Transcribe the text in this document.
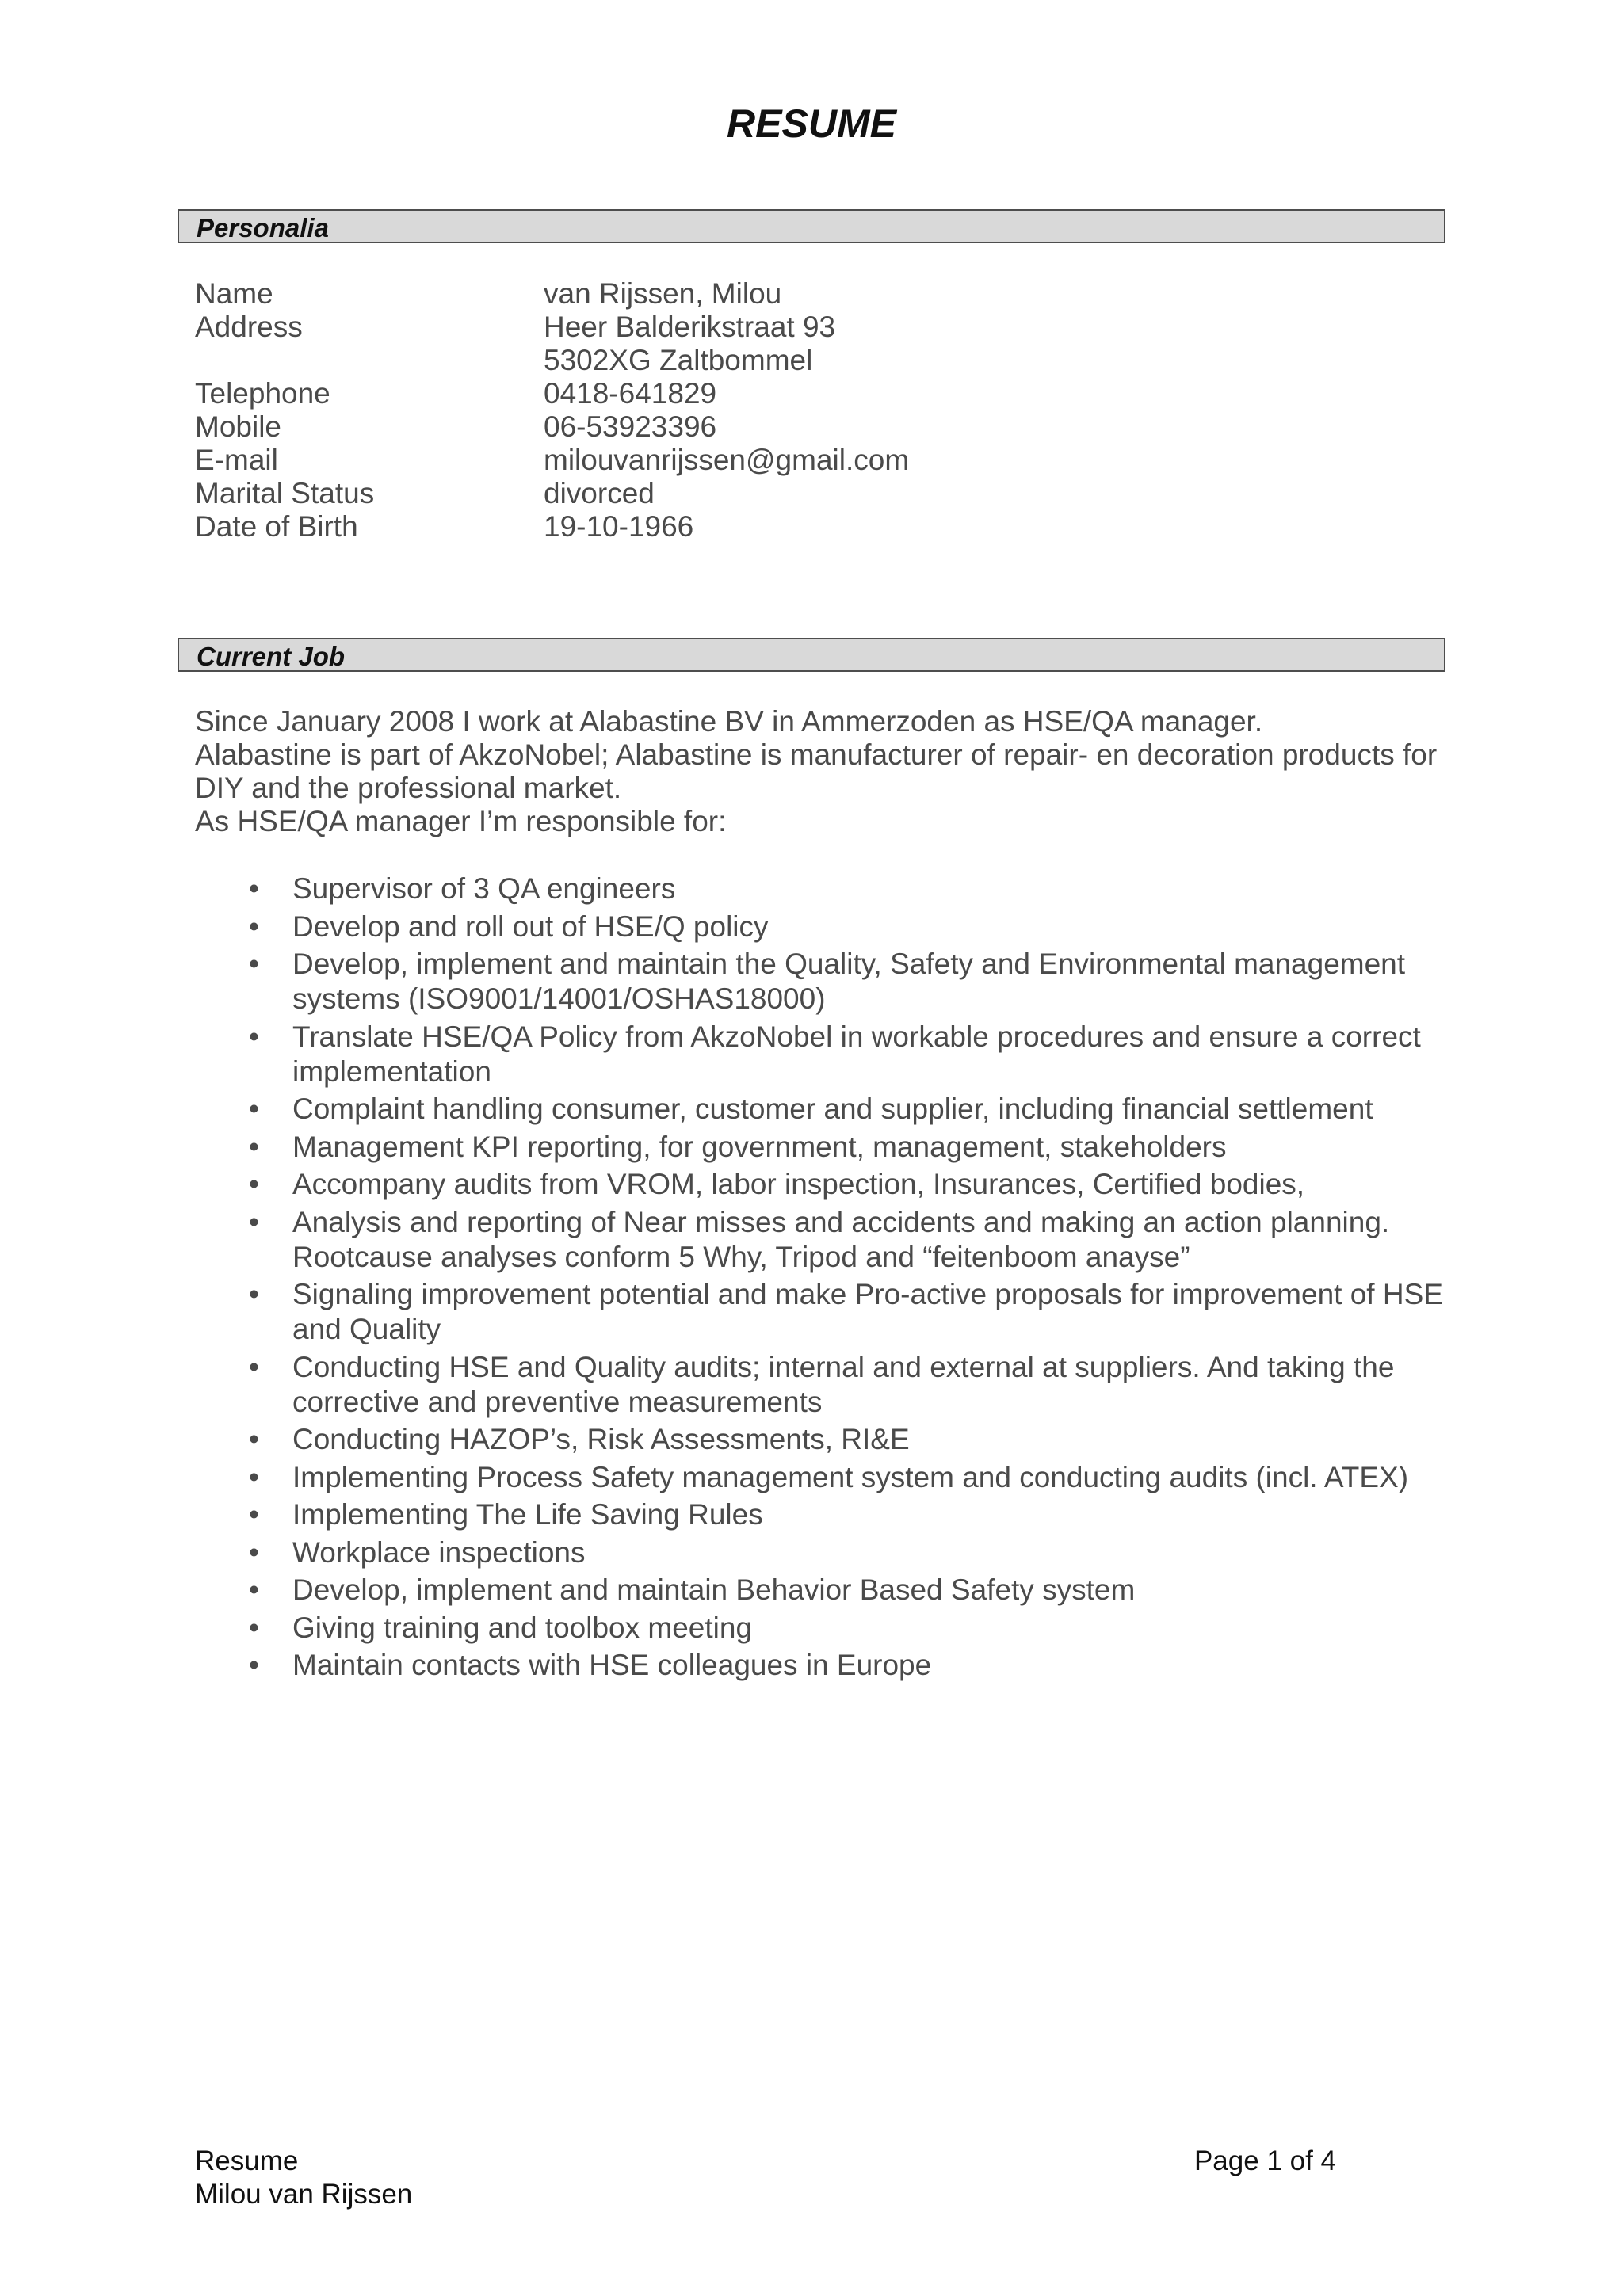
RESUME
Personalia
Name	van Rijssen, Milou
Address	Heer Balderikstraat 93
5302XG Zaltbommel
Telephone	0418-641829
Mobile	06-53923396
E-mail	milouvanrijssen@gmail.com
Marital Status	divorced
Date of Birth	19-10-1966
Current Job

Since January 2008 I work at Alabastine BV in Ammerzoden as HSE/QA manager.

Alabastine is part of AkzoNobel; Alabastine is manufacturer of repair- en decoration products for DIY and the professional market.

As HSE/QA manager I’m responsible for:

• Supervisor of 3 QA engineers
• Develop and roll out of HSE/Q policy
• Develop, implement and maintain the Quality, Safety and Environmental management systems (ISO9001/14001/OSHAS18000)
• Translate HSE/QA Policy from AkzoNobel in workable procedures and ensure a correct implementation
• Complaint handling consumer, customer and supplier, including financial settlement
• Management KPI reporting, for government, management, stakeholders
• Accompany audits from VROM, labor inspection, Insurances, Certified bodies,
• Analysis and reporting of Near misses and accidents and making an action planning. Rootcause analyses conform 5 Why, Tripod and “feitenboom anayse”
• Signaling improvement potential and make Pro-active proposals for improvement of HSE and Quality
• Conducting HSE and Quality audits; internal and external at suppliers. And taking the corrective and preventive measurements
• Conducting HAZOP’s, Risk Assessments, RI&E
• Implementing Process Safety management system and conducting audits (incl. ATEX)
• Implementing The Life Saving Rules
• Workplace inspections
• Develop, implement and maintain Behavior Based Safety system
• Giving training and toolbox meeting
• Maintain contacts with HSE colleagues in Europe
Resume	Page 1 of 4
Milou van Rijssen
